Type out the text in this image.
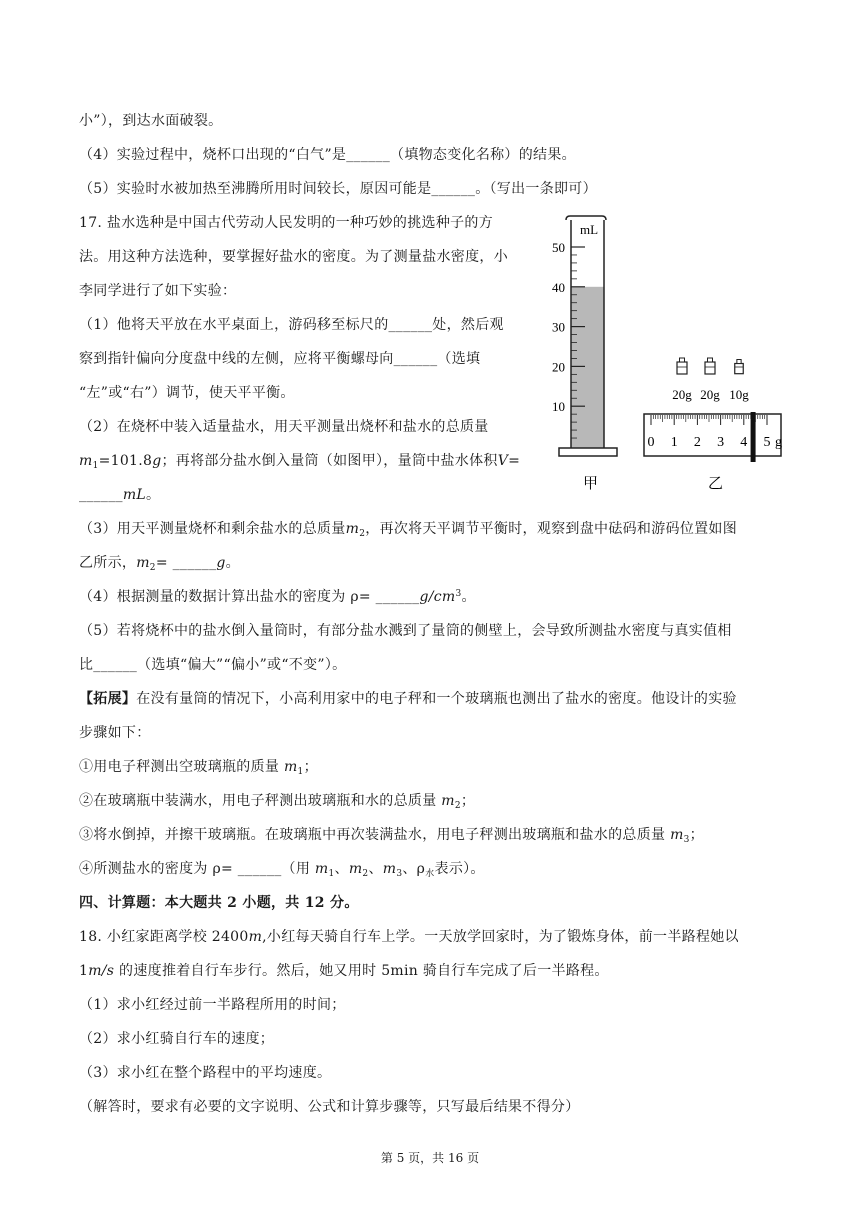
小”），到达水面破裂。
（4）实验过程中，烧杯口出现的“白气”是______（填物态变化名称）的结果。
（5）实验时水被加热至沸腾所用时间较长，原因可能是______。（写出一条即可）
17. 盐水选种是中国古代劳动人民发明的一种巧妙的挑选种子的方
法。用这种方法选种，要掌握好盐水的密度。为了测量盐水密度，小
李同学进行了如下实验：
（1）他将天平放在水平桌面上，游码移至标尺的______处，然后观
察到指针偏向分度盘中线的左侧，应将平衡螺母向______（选填
“左”或“右”）调节，使天平平衡。
（2）在烧杯中装入适量盐水，用天平测量出烧杯和盐水的总质量
$m_1=101.8g$；再将部分盐水倒入量筒（如图甲），量筒中盐水体积V=
______mL。
（3）用天平测量烧杯和剩余盐水的总质量$m_2$，再次将天平调节平衡时，观察到盘中砝码和游码位置如图
乙所示，$m_2=$ ______g。
（4）根据测量的数据计算出盐水的密度为 $\rho= \_\_\_\_\_\_g/cm^3$。
（5）若将烧杯中的盐水倒入量筒时，有部分盐水溅到了量筒的侧壁上，会导致所测盐水密度与真实值相
比______（选填“偏大”“偏小”或“不变”）。
【拓展】在没有量筒的情况下，小高利用家中的电子秤和一个玻璃瓶也测出了盐水的密度。他设计的实验
步骤如下：
①用电子秤测出空玻璃瓶的质量 $m_1$；
②在玻璃瓶中装满水，用电子秤测出玻璃瓶和水的总质量 $m_2$；
③将水倒掉，并擦干玻璃瓶。在玻璃瓶中再次装满盐水，用电子秤测出玻璃瓶和盐水的总质量 $m_3$；
④所测盐水的密度为 ρ= ______（用 $m_1$、$m_2$、$m_3$、$\rho_水$表示）。
四、计算题：本大题共 2 小题，共 12 分。
18. 小红家距离学校 2400m,小红每天骑自行车上学。一天放学回家时，为了锻炼身体，前一半路程她以
1m/s 的速度推着自行车步行。然后，她又用时 5min 骑自行车完成了后一半路程。
（1）求小红经过前一半路程所用的时间；
（2）求小红骑自行车的速度；
（3）求小红在整个路程中的平均速度。
（解答时，要求有必要的文字说明、公式和计算步骤等，只写最后结果不得分）
mL
50
40
30
20
10
甲
20g 20g 10g
0 1 2 3 4 5 g
乙
第 5 页，共 16 页
